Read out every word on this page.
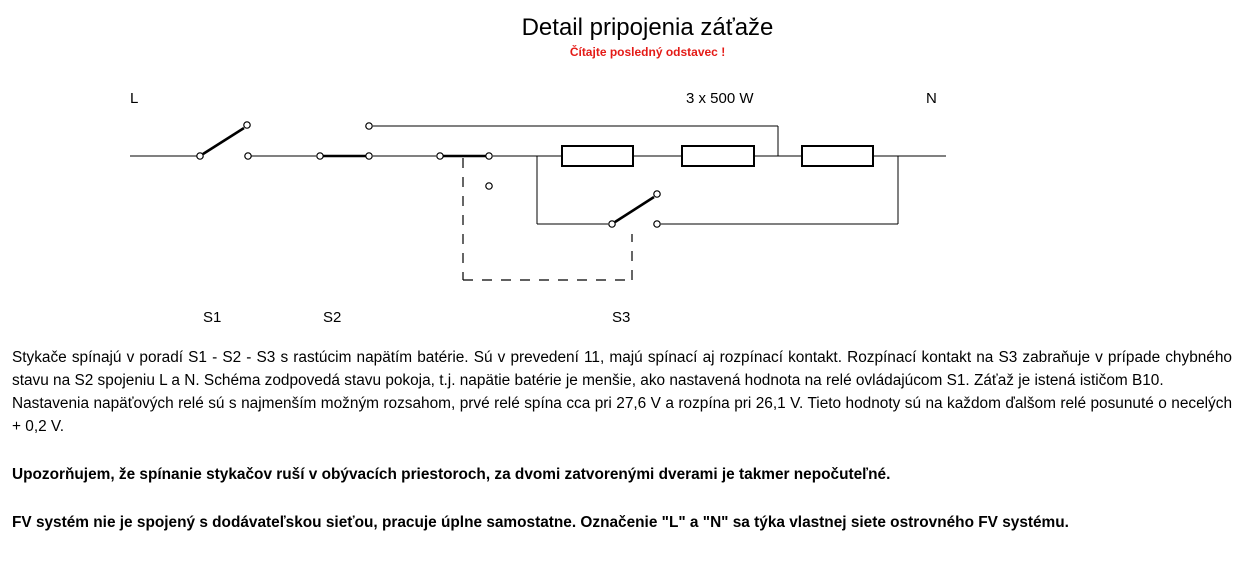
Detail pripojenia záťaže
Čítajte posledný odstavec !
L	N
3 x 500 W
S1	S2	S3

Stykače spínajú v poradí S1 - S2 - S3 s rastúcim napätím batérie. Sú v prevedení 11, majú spínací aj rozpínací kontakt. Rozpínací kontakt na S3 zabraňuje v prípade chybného stavu na S2 spojeniu L a N. Schéma zodpovedá stavu pokoja, t.j. napätie batérie je menšie, ako nastavená hodnota na relé ovládajúcom S1. Záťaž je istená ističom B10.

Nastavenia napäťových relé sú s najmenším možným rozsahom, prvé relé spína cca pri 27,6 V a rozpína pri 26,1 V. Tieto hodnoty sú na každom ďalšom relé posunuté o necelých + 0,2 V.

Upozorňujem, že spínanie stykačov ruší v obývacích priestoroch, za dvomi zatvorenými dverami je takmer nepočuteľné.

FV systém nie je spojený s dodávateľskou sieťou, pracuje úplne samostatne. Označenie "L" a "N" sa týka vlastnej siete ostrovného FV systému.
